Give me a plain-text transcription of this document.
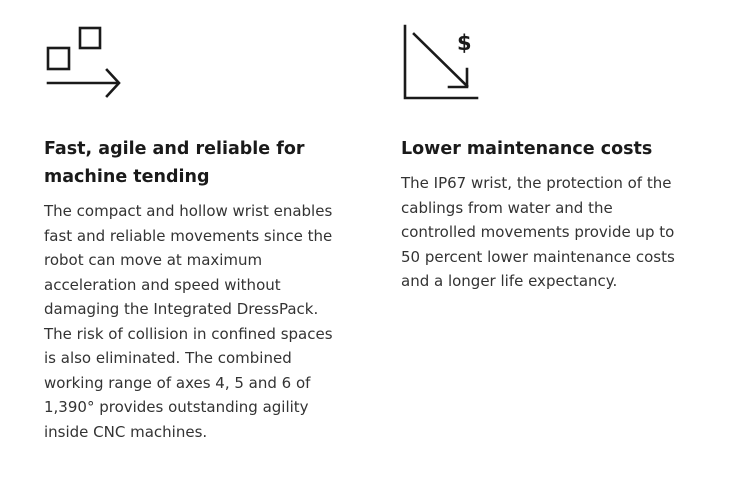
Fast, agile and reliable for machine tending

The compact and hollow wrist enables fast and reliable movements since the robot can move at maximum acceleration and speed without damaging the Integrated DressPack. The risk of collision in confined spaces is also eliminated. The combined working range of axes 4, 5 and 6 of 1,390° provides outstanding agility inside CNC machines.

$
Lower maintenance costs

The IP67 wrist, the protection of the cablings from water and the controlled movements provide up to 50 percent lower maintenance costs and a longer life expectancy.
